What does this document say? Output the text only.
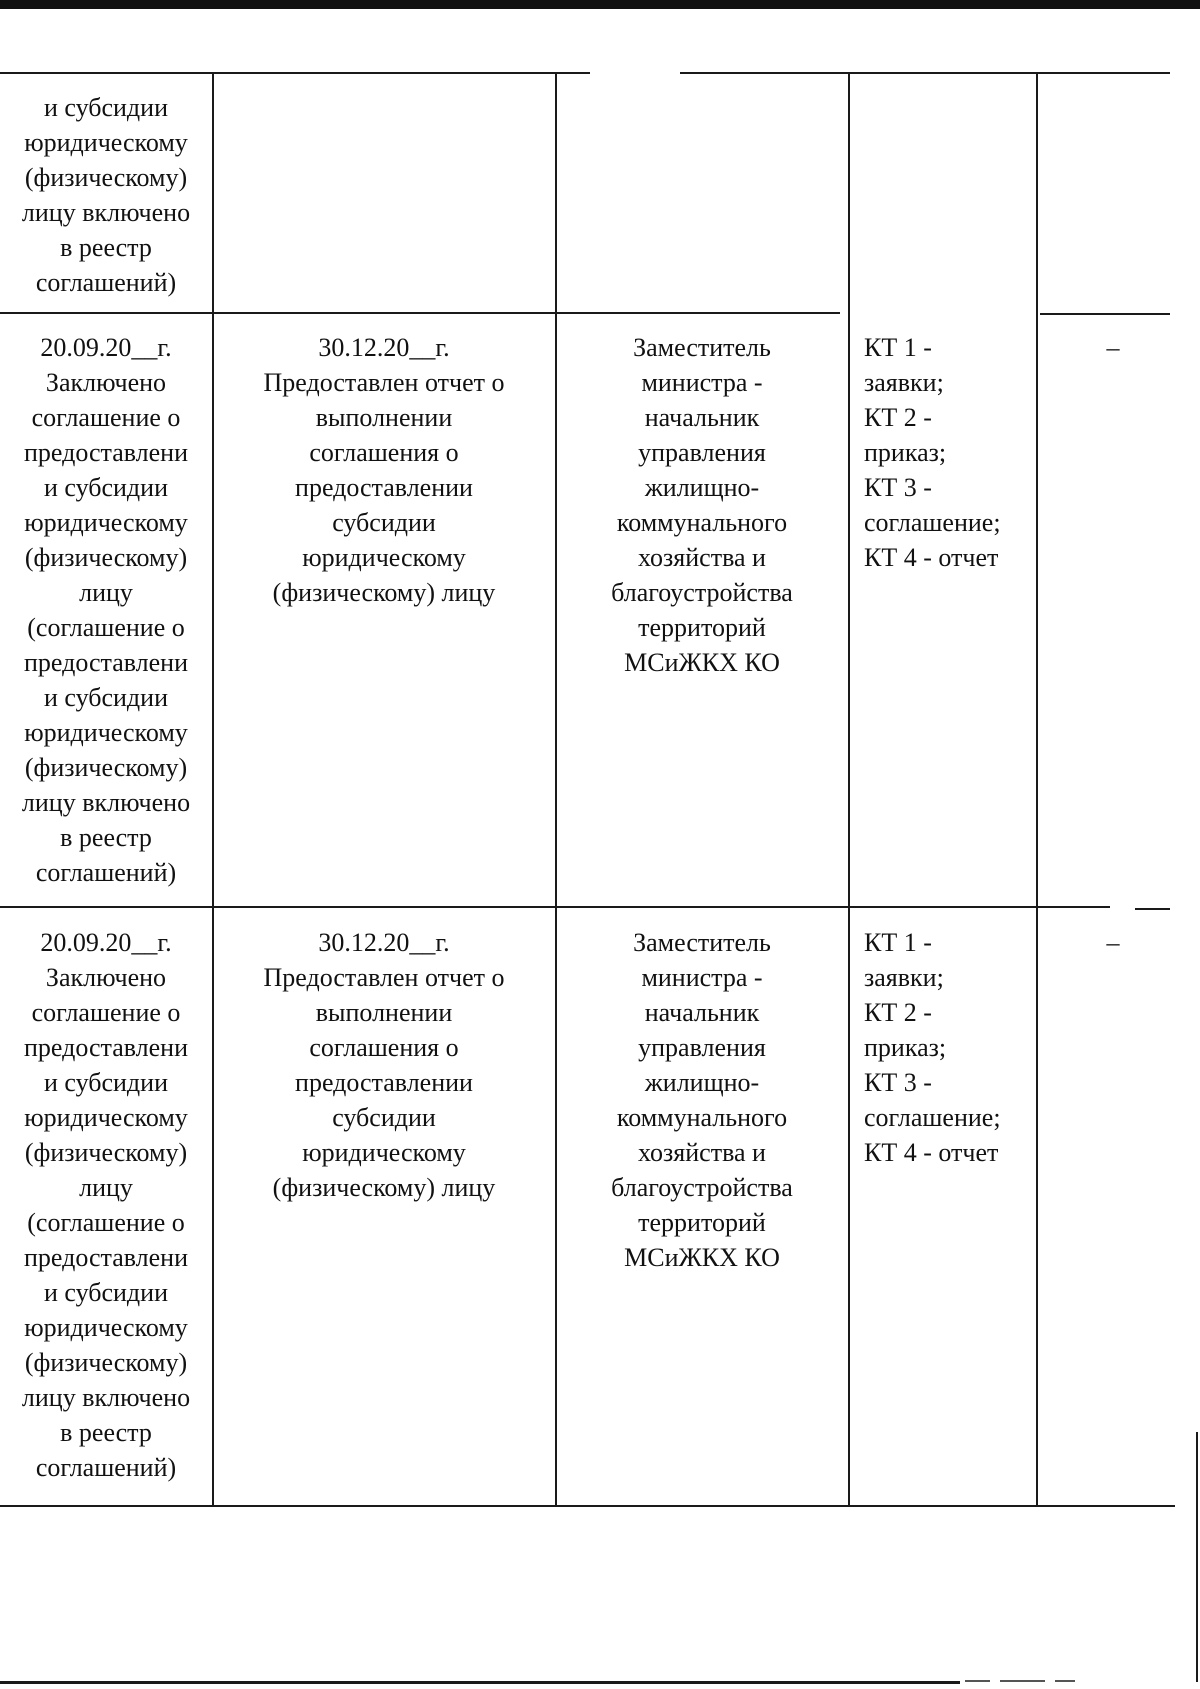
и субсидии
юридическому
(физическому)
лицу включено
в реестр
соглашений)
20.09.20__г.
Заключено
соглашение о
предоставлени
и субсидии
юридическому
(физическому)
лицу
(соглашение о
предоставлени
и субсидии
юридическому
(физическому)
лицу включено
в реестр
соглашений)
30.12.20__г.
Предоставлен отчет о
выполнении
соглашения о
предоставлении
субсидии
юридическому
(физическому) лицу
Заместитель
министра -
начальник
управления
жилищно-
коммунального
хозяйства и
благоустройства
территорий
МСиЖКХ КО
КТ 1 -
заявки;
КТ 2 -
приказ;
КТ 3 -
соглашение;
КТ 4 - отчет
–
20.09.20__г.
Заключено
соглашение о
предоставлени
и субсидии
юридическому
(физическому)
лицу
(соглашение о
предоставлени
и субсидии
юридическому
(физическому)
лицу включено
в реестр
соглашений)
30.12.20__г.
Предоставлен отчет о
выполнении
соглашения о
предоставлении
субсидии
юридическому
(физическому) лицу
Заместитель
министра -
начальник
управления
жилищно-
коммунального
хозяйства и
благоустройства
территорий
МСиЖКХ КО
КТ 1 -
заявки;
КТ 2 -
приказ;
КТ 3 -
соглашение;
КТ 4 - отчет
–
